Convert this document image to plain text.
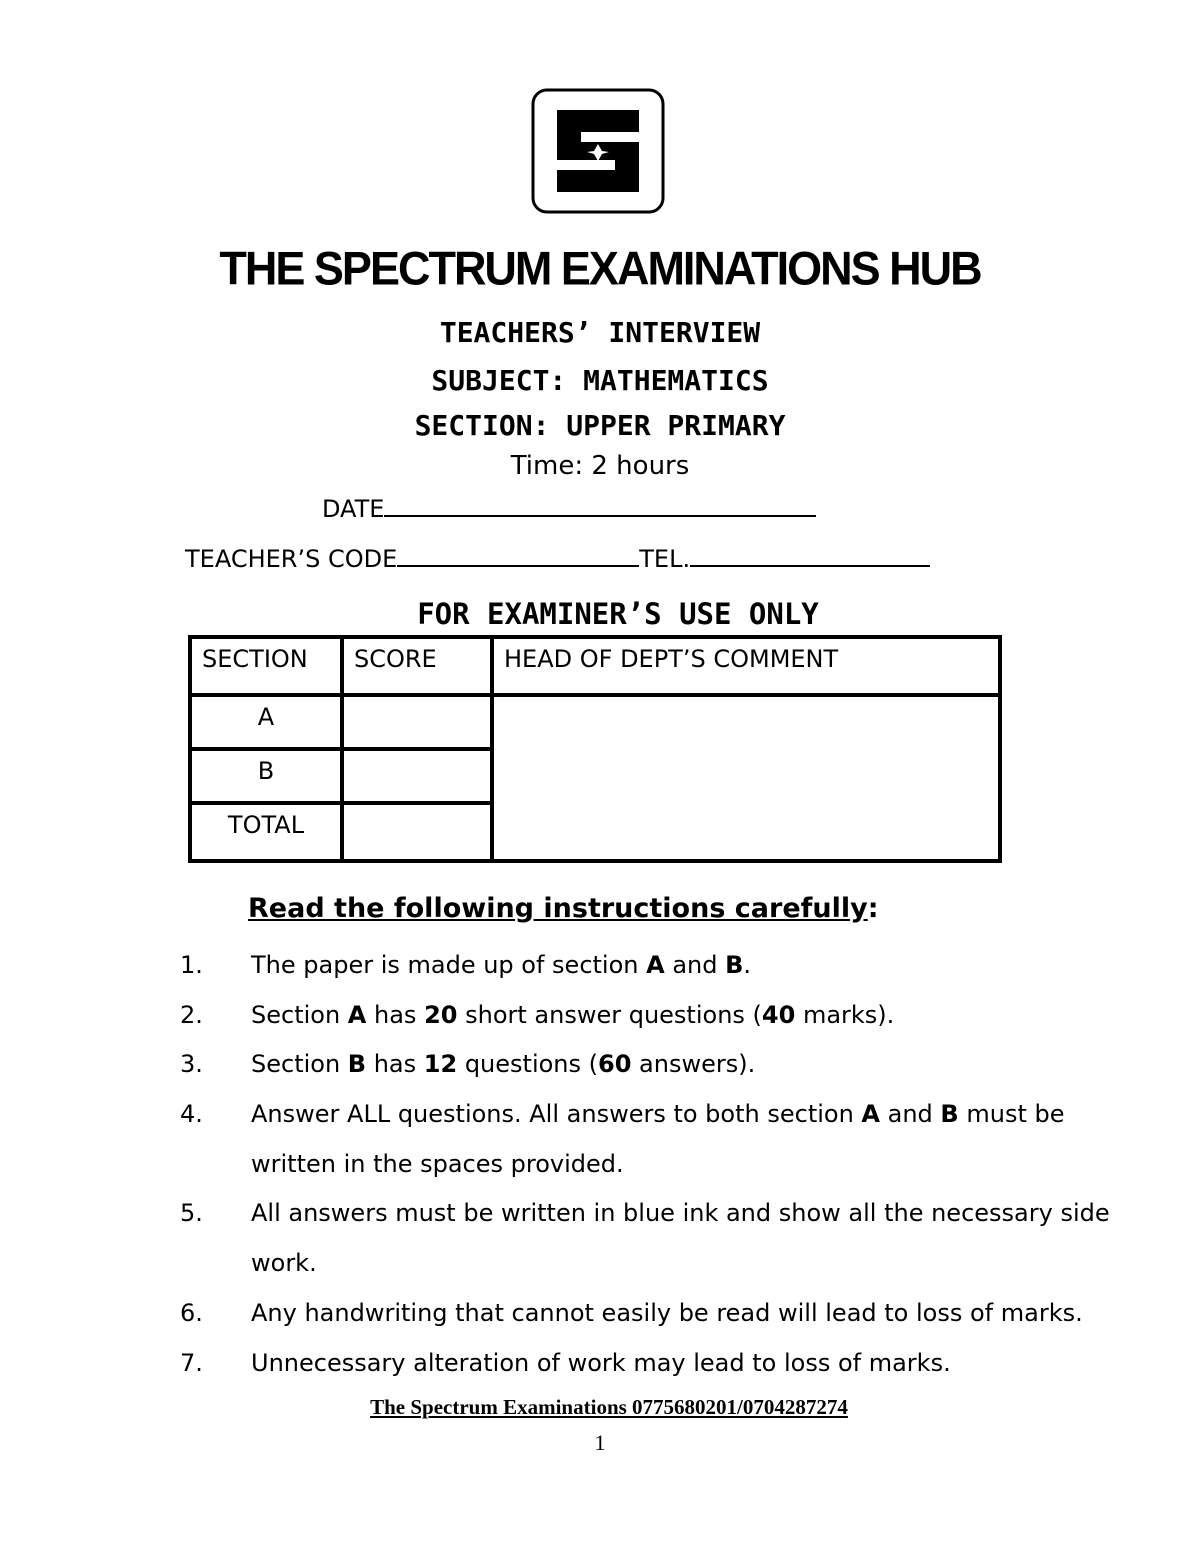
THE SPECTRUM EXAMINATIONS HUB
TEACHERS’ INTERVIEW
SUBJECT: MATHEMATICS
SECTION: UPPER PRIMARY
Time: 2 hours
DATE
TEACHER’S CODE	TEL.
FOR EXAMINER’S USE ONLY
SECTION	SCORE	HEAD OF DEPT’S COMMENT
A		
B		
TOTAL		
Read the following instructions carefully:
1. The paper is made up of section A and B.
2. Section A has 20 short answer questions (40 marks).
3. Section B has 12 questions (60 answers).
4. Answer ALL questions. All answers to both section A and B must be written in the spaces provided.
5. All answers must be written in blue ink and show all the necessary side work.
6. Any handwriting that cannot easily be read will lead to loss of marks.
7. Unnecessary alteration of work may lead to loss of marks.
The Spectrum Examinations 0775680201/0704287274
1
